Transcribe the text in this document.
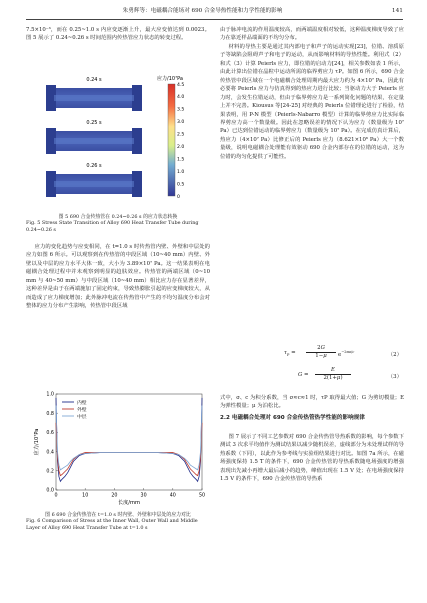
朱勇辉等：电磁耦合能场对 690 合金导热性能和力学性能的影响	141

7.5×10⁻³，而在 0.25~1.0 s 内应变逐渐上升，最大应变值达到 0.0023。图 5 展示了 0.24~0.26 s 时间范围内传热管应力状态的转变过程。

应力/10⁷Pa
4.5
4.0
3.5
3.0
2.5
2.0
1.5
1.0
0.5
0
0.24 s
0.25 s
0.26 s
图 5 690 合金传热管在 0.24~0.26 s 的应力状态转换
Fig. 5 Stress State Transition of Alloy 690 Heat Transfer Tube during 0.24~0.26 s

应力的变化趋势与应变相同，在 t=1.0 s 时传热管内壁、外壁和中层处的应力如图 6 所示。可以观察到在传热管的中段区域（10~40 mm）内壁、外壁以及中层的应力水平大体一致，大小为 3.89×10⁷ Pa。这一结果表明在电磁耦合处理过程中并未观察到明显的趋肤效应。传热管的两端区域（0~10 mm 与 40~50 mm）与中段区域（10~40 mm）相比应力存在显著差异，这种差异是由于在两端施加了固定约束，导致热膨胀引起的应变梯度较大，从而造成了应力梯度增加；此外脉冲电流在传热管中产生的不均匀温度分布会对整体的应力分布产生影响，传热管中段区域

0.0
0.2
0.4
0.6
0.8
1.0
0	10	20	30	40	50
内壁
外壁
中层
长度/mm
应力/10⁷Pa
图 6 690 合金传热管在 t=1.0 s 时内壁、外壁和中层处的应力对比
Fig. 6 Comparison of Stress at the Inner Wall, Outer Wall and Middle Layer of Alloy 690 Heat Transfer Tube at t=1.0 s

由于脉冲电流的作用温度较高，而两端温度相对较低，这种温度梯度导致了应力在靠近样品端面的不均匀分布。

材料的导热主要是通过其内部电子和声子的运动实现[23]，位错、溶质原子等缺陷会阻碍声子和电子的运动，从而影响材料的导热性能。利用式（2）和式（3）计算 Peierls 应力，即位错的启动力[24]，相关参数如表 1 所示，由此计算出位错在晶粒中运动所需的临界剪应力 τP。如图 6 所示，690 合金传热管中段区域在一个电磁耦合处理周期内最大应力约为 4×10⁷ Pa，因此有必要将 Peierls 应力与仿真得到的热应力进行比较；当驱动力大于 Peierls 应力时，会发生位错运动，但由于临界剪应力是一系列简化问题的结果，在定量上并不完善。Kiousus 等[24-25] 对经典的 Peierls 位错理论进行了检验，结果表明，用 P-N 模型（Peierls-Nabarro 模型）计算的临界剪应力比实际临界剪应力高一个数量级。因此在忽略误差的情况下认为应力（数量级为 10⁷ Pa）已达到位错运动的临界剪应力（数量级为 10⁷ Pa）。在完成仿真计算后，热应力（4×10⁷ Pa）比修正后的 Peierls 应力（8.621×10⁶ Pa）大一个数量级，说明电磁耦合处理能有效驱动 690 合金内部存在的位错的运动，这为位错的均匀化提供了可能性。

$\tau_P$ =
2G
1−μ	$e^{-2\pi a/c}$	（2）
G =
E
2(1+μ)	（3）

式中，σ、c 为积分系数，当 σ≈c≈1 时，τP 取得最大值；G 为剪切模量；E 为弹性模量；μ 为泊松比。

2.2 电磁耦合处理对 690 合金传热管热学性能的影响规律

图 7 展示了不同工艺参数对 690 合金传热管导热系数的影响，每个参数下测试 3 次求平均值作为测试结果以减少随机误差，虚线部分为未处理试样的导热系数（下同），以此作为参考线与实验组结果进行对比。如图 7a 所示，在磁场强度保持 1.5 T 的条件下，690 合金传热管的导热系数随电场强度的增强表现出先减小再增大最后减小的趋势，峰值出现在 1.5 V 处；在电场强度保持 1.5 V 的条件下，690 合金传热管的导热系
